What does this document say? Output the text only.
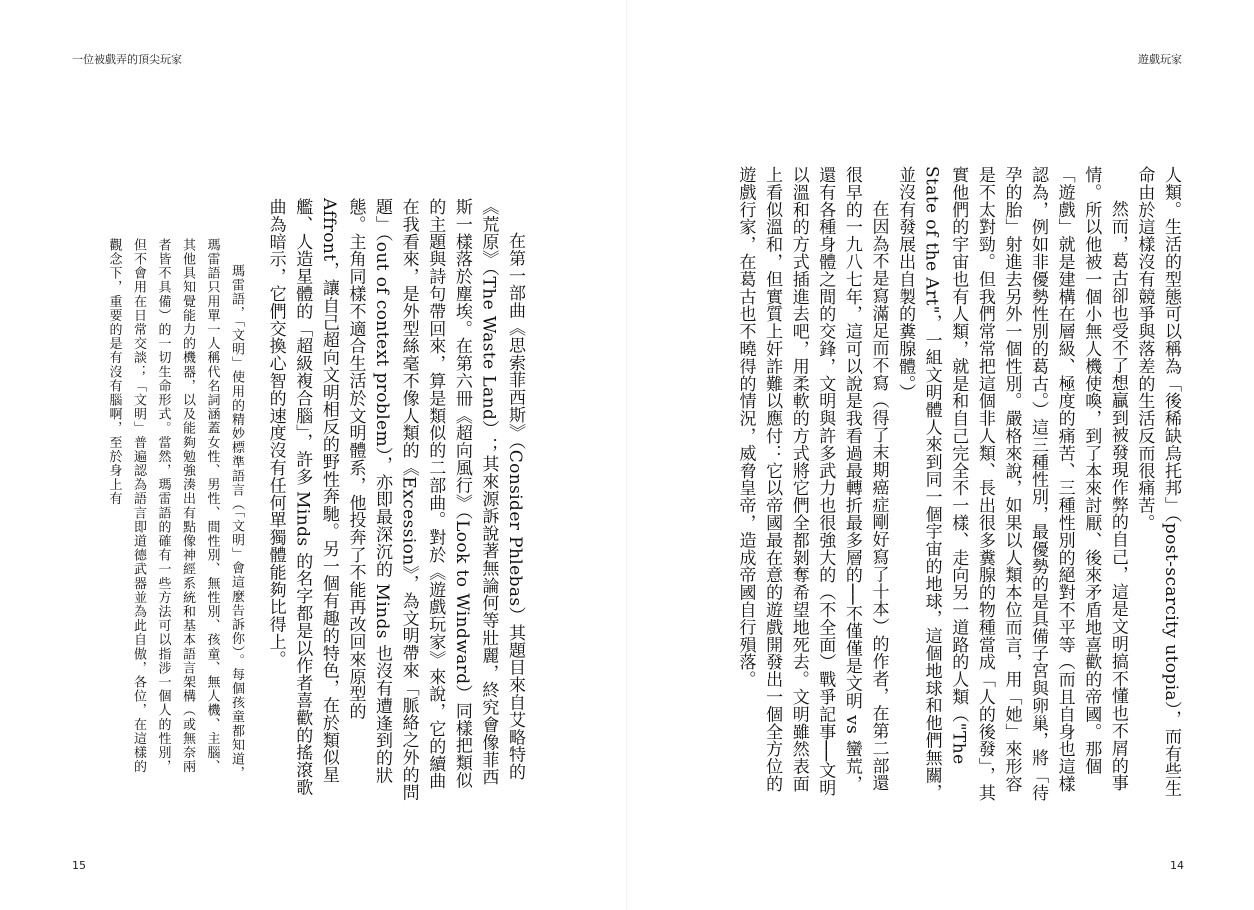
一位被戲弄的頂尖玩家

在第一部曲《思索菲西斯》（Consider Phlebas）其題目來自艾略特的《荒原》（The Waste Land）；其來源訴說著無論何等壯麗，終究會像菲西斯一樣落於塵埃。在第六冊《超向風行》（Look to Windward）同樣把類似的主題與詩句帶回來，算是類似的二部曲。對於《遊戲玩家》來說，它的續曲在我看來，是外型絲毫不像人類的《Excession》，為文明帶來「脈絡之外的問題」（out of context problem），亦即最深沉的 Minds 也沒有遭逢到的狀態。主角同樣不適合生活於文明體系，他投奔了不能再改回來原型的 Affront，讓自己超向文明相反的野性奔馳。另一個有趣的特色，在於類似星艦、人造星體的「超級複合腦」，許多 Minds 的名字都是以作者喜歡的搖滾歌曲為暗示，它們交換心智的速度沒有任何單獨體能夠比得上。

瑪雷語，「文明」使用的精妙標準語言（「文明」會這麼告訴你）。每個孩童都知道，瑪雷語只用單一人稱代名詞涵蓋女性、男性、間性別、無性別、孩童、無人機、主腦、其他具知覺能力的機器，以及能夠勉強湊出有點像神經系統和基本語言架構（或無奈兩者皆不具備）的一切生命形式。當然，瑪雷語的確有一些方法可以指涉一個人的性別，但不會用在日常交談；「文明」普遍認為語言即道德武器並為此自傲，各位，在這樣的觀念下，重要的是有沒有腦啊，至於身上有

15
遊戲玩家

人類。生活的型態可以稱為「後稀缺烏托邦」（post-scarcity utopia），而有些生命由於這樣沒有競爭與落差的生活反而很痛苦。

然而，葛古卻也受不了想贏到被發現作弊的自己，這是文明搞不懂也不屑的事情。所以他被一個小無人機使喚，到了本來討厭、後來矛盾地喜歡的帝國。那個「遊戲」就是建構在層級、極度的痛苦、三種性別的絕對不平等（而且自身也這樣認為，例如非優勢性別的葛古。）這三種性別，最優勢的是具備子宮與卵巢，將「待孕的胎」射進去另外一個性別。嚴格來說，如果以人類本位而言，用「她」來形容是不太對勁。但我們常常把這個非人類、長出很多糞腺的物種當成「人的後發」，其實他們的宇宙也有人類，就是和自己完全不一樣、走向另一道路的人類（"The State of the Art"，一組文明體人來到同一個宇宙的地球，這個地球和他們無關，並沒有發展出自製的糞腺體。）

在因為不是寫滿足而不寫（得了末期癌症剛好寫了十本）的作者，在第二部還很早的一九八七年，這可以說是我看過最轉折最多層的──不僅僅是文明 vs 蠻荒，還有各種身體之間的交鋒，文明與許多武力也很強大的（不全面）戰爭記事──文明以溫和的方式插進去吧，用柔軟的方式將它們全都剝奪希望地死去。文明雖然表面上看似溫和，但實質上奸詐難以應付：它以帝國最在意的遊戲開發出一個全方位的遊戲行家，在葛古也不曉得的情況，威脅皇帝，造成帝國自行殞落。

14
